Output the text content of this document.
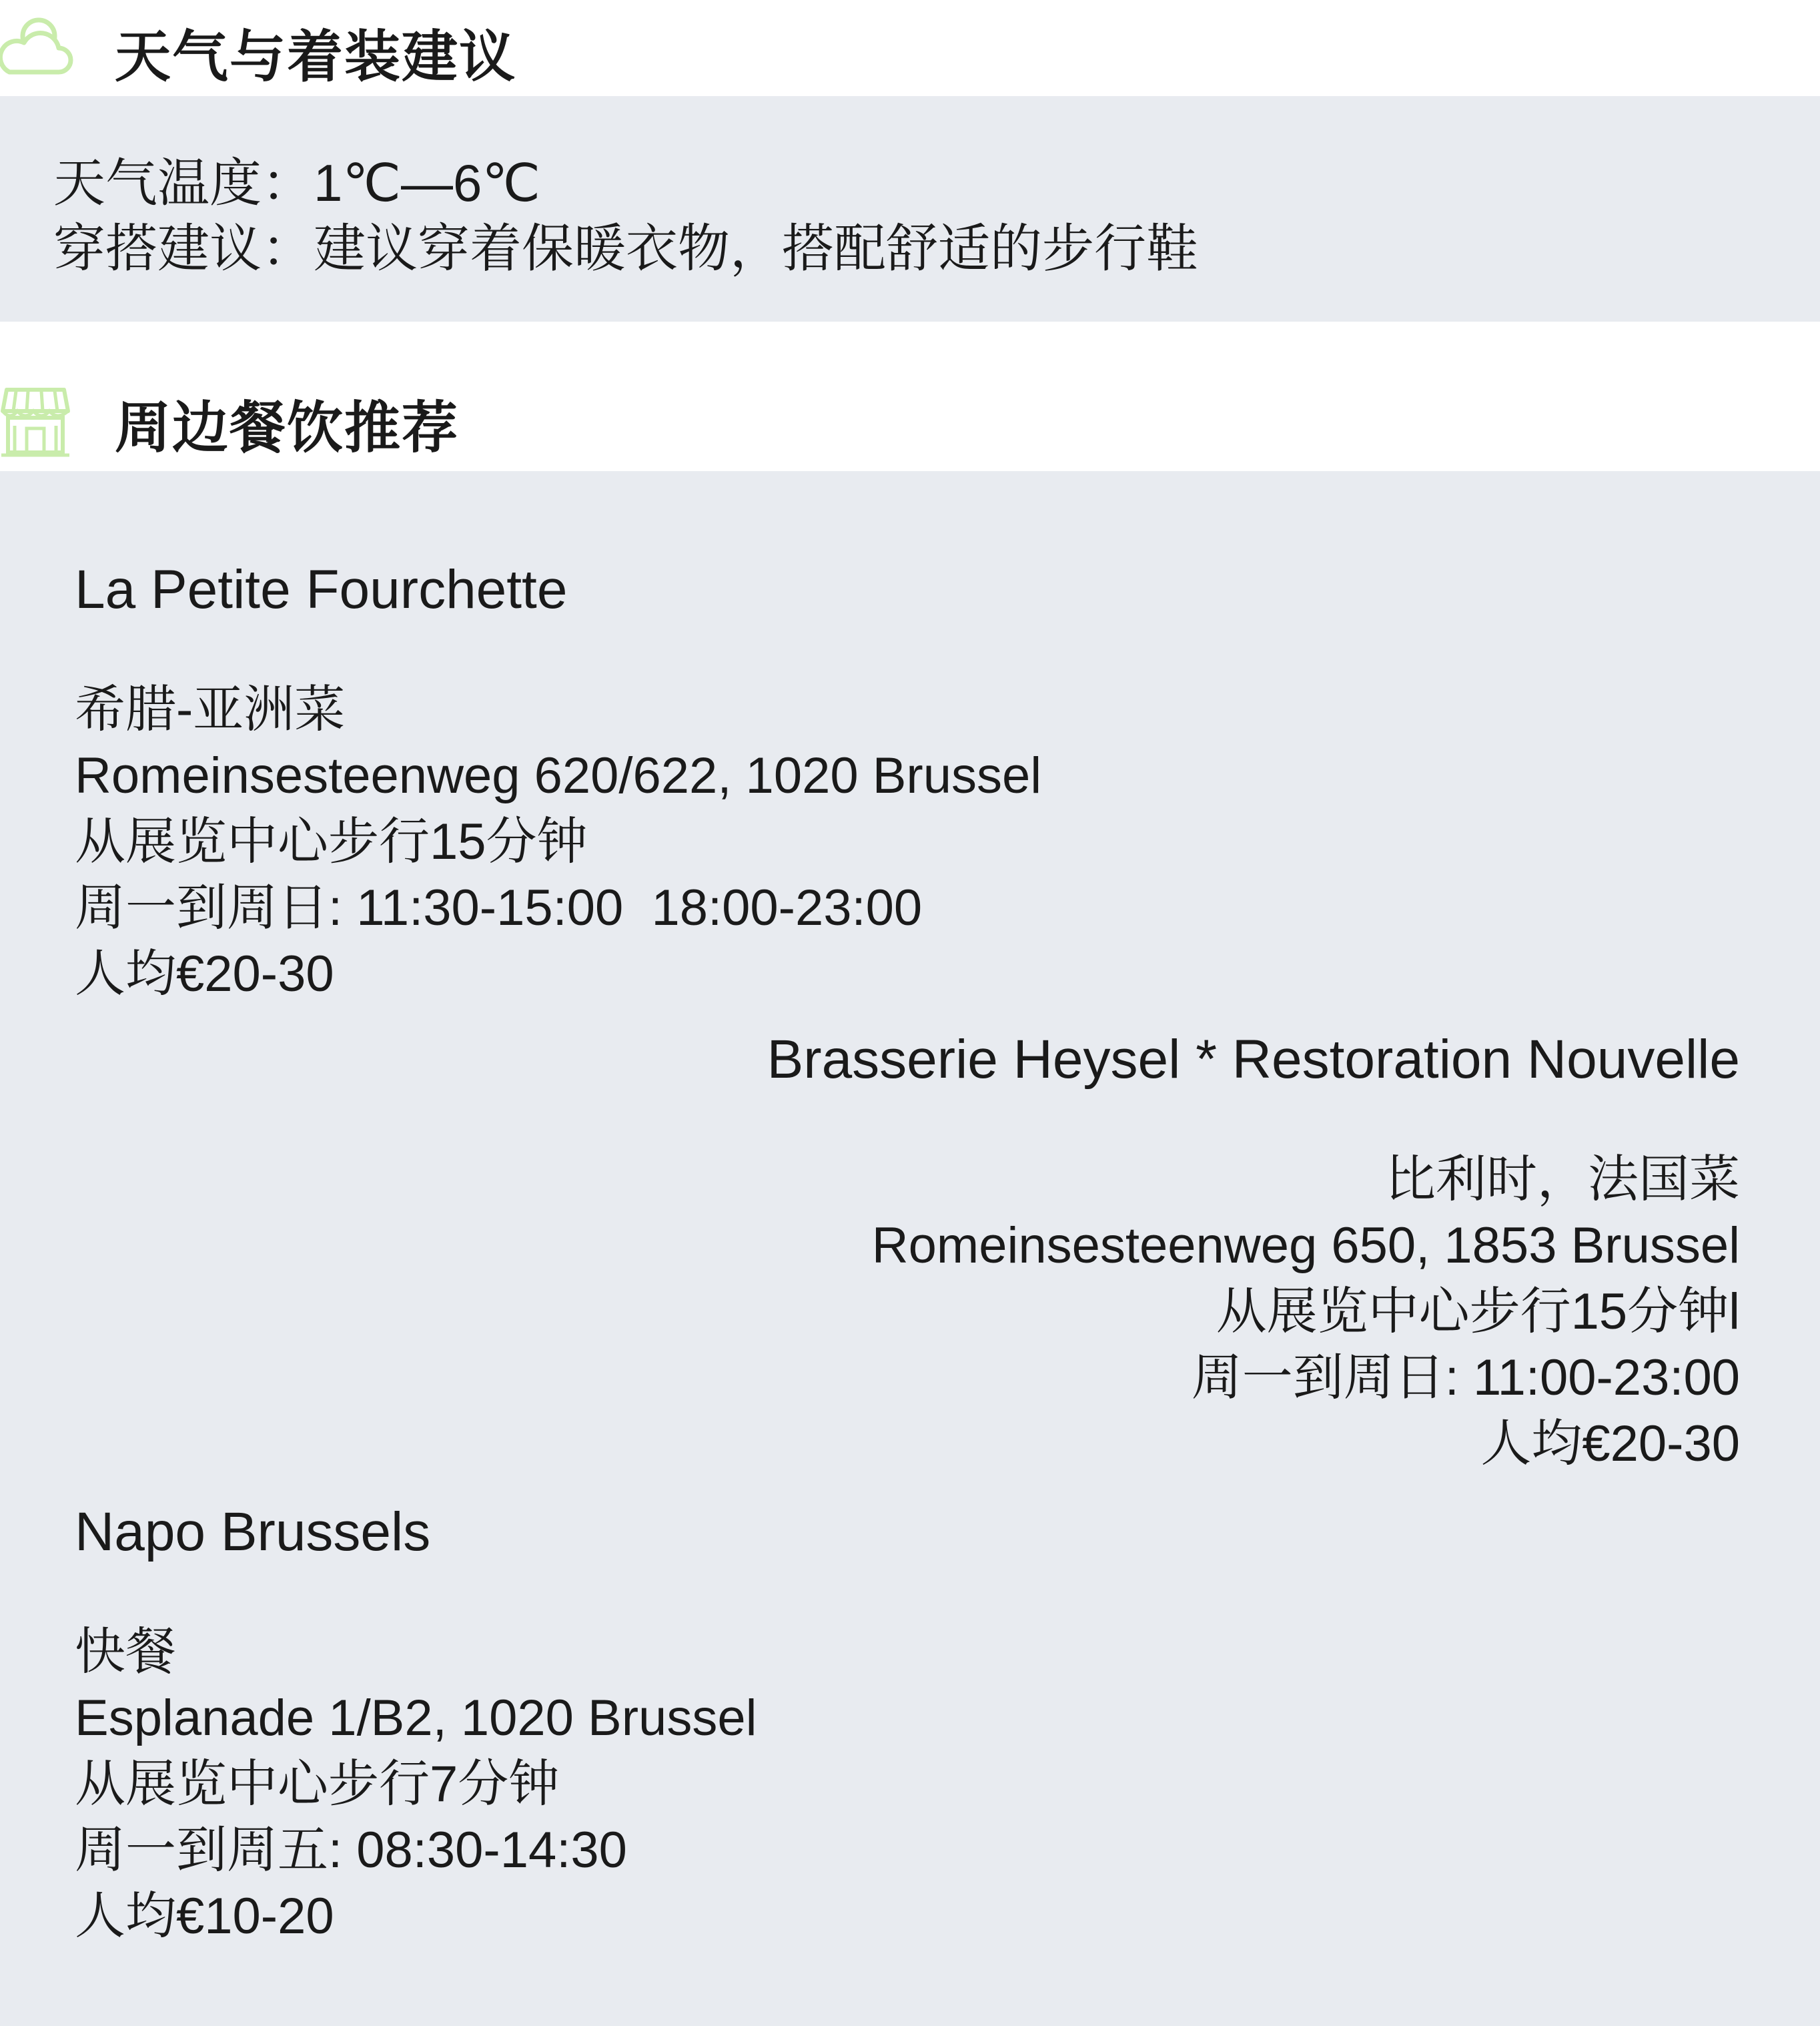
天气与着装建议
天气温度：1℃—6℃
穿搭建议：建议穿着保暖衣物，搭配舒适的步行鞋
周边餐饮推荐
La Petite Fourchette
希腊-亚洲菜
Romeinsesteenweg 620/622, 1020 Brussel
从展览中心步行15分钟
周一到周日: 11:30-15:00  18:00-23:00
人均€20-30
Brasserie Heysel * Restoration Nouvelle
比利时，法国菜
Romeinsesteenweg 650, 1853 Brussel
从展览中心步行15分钟l
周一到周日: 11:00-23:00
人均€20-30
Napo Brussels
快餐
Esplanade 1/B2, 1020 Brussel
从展览中心步行7分钟
周一到周五: 08:30-14:30
人均€10-20
